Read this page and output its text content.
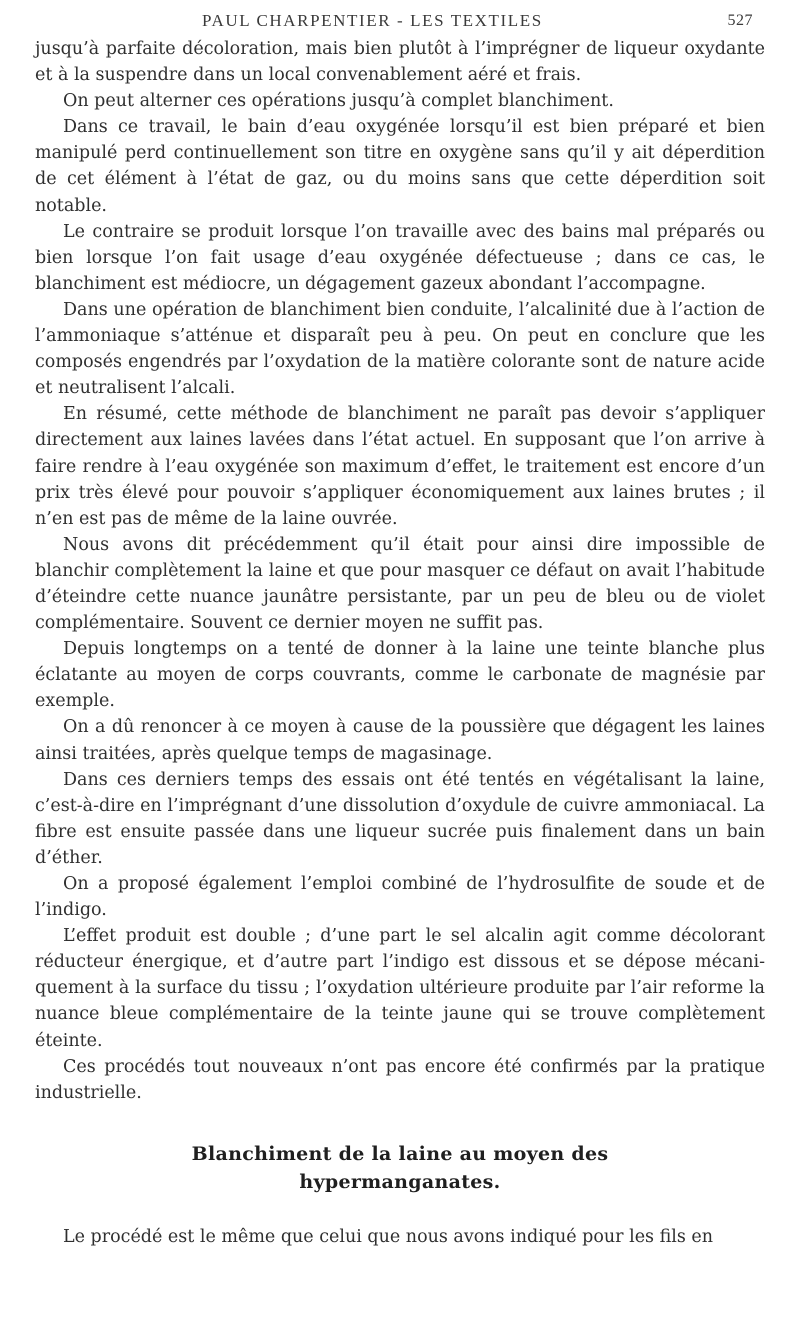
PAUL CHARPENTIER - LES TEXTILES	527

jusqu’à parfaite décoloration, mais bien plutôt à l’imprégner de liqueur oxydante et à la suspendre dans un local convenablement aéré et frais.

On peut alterner ces opérations jusqu’à complet blanchiment.

Dans ce travail, le bain d’eau oxygénée lorsqu’il est bien préparé et bien manipulé perd continuellement son titre en oxygène sans qu’il y ait déperdition de cet élément à l’état de gaz, ou du moins sans que cette déperdition soit notable.

Le contraire se produit lorsque l’on travaille avec des bains mal préparés ou bien lorsque l’on fait usage d’eau oxygénée défectueuse ; dans ce cas, le blanchiment est médiocre, un dégagement gazeux abondant l’accompagne.

Dans une opération de blanchiment bien conduite, l’alcalinité due à l’action de l’ammoniaque s’atténue et disparaît peu à peu. On peut en conclure que les composés engendrés par l’oxydation de la matière colorante sont de nature acide et neutralisent l’alcali.

En résumé, cette méthode de blanchiment ne paraît pas devoir s’appliquer directement aux laines lavées dans l’état actuel. En supposant que l’on arrive à faire rendre à l’eau oxygénée son maximum d’effet, le traitement est encore d’un prix très élevé pour pouvoir s’appliquer économiquement aux laines brutes ; il n’en est pas de même de la laine ouvrée.

Nous avons dit précédemment qu’il était pour ainsi dire impossible de blanchir complètement la laine et que pour masquer ce défaut on avait l’habitude d’éteindre cette nuance jaunâtre persistante, par un peu de bleu ou de violet complémentaire. Souvent ce dernier moyen ne suffit pas.

Depuis longtemps on a tenté de donner à la laine une teinte blanche plus éclatante au moyen de corps couvrants, comme le carbonate de magnésie par exemple.

On a dû renoncer à ce moyen à cause de la poussière que dégagent les laines ainsi traitées, après quelque temps de magasinage.

Dans ces derniers temps des essais ont été tentés en végétalisant la laine, c’est-à-dire en l’imprégnant d’une dissolution d’oxydule de cuivre ammoniacal. La fibre est ensuite passée dans une liqueur sucrée puis finalement dans un bain d’éther.

On a proposé également l’emploi combiné de l’hydrosulfite de soude et de l’indigo.

L’effet produit est double ; d’une part le sel alcalin agit comme décolorant réducteur énergique, et d’autre part l’indigo est dissous et se dépose mécaniquement à la surface du tissu ; l’oxydation ultérieure produite par l’air reforme la nuance bleue complémentaire de la teinte jaune qui se trouve complètement éteinte.

Ces procédés tout nouveaux n’ont pas encore été confirmés par la pratique industrielle.

Blanchiment de la laine au moyen des
hypermanganates.

Le procédé est le même que celui que nous avons indiqué pour les fils en
